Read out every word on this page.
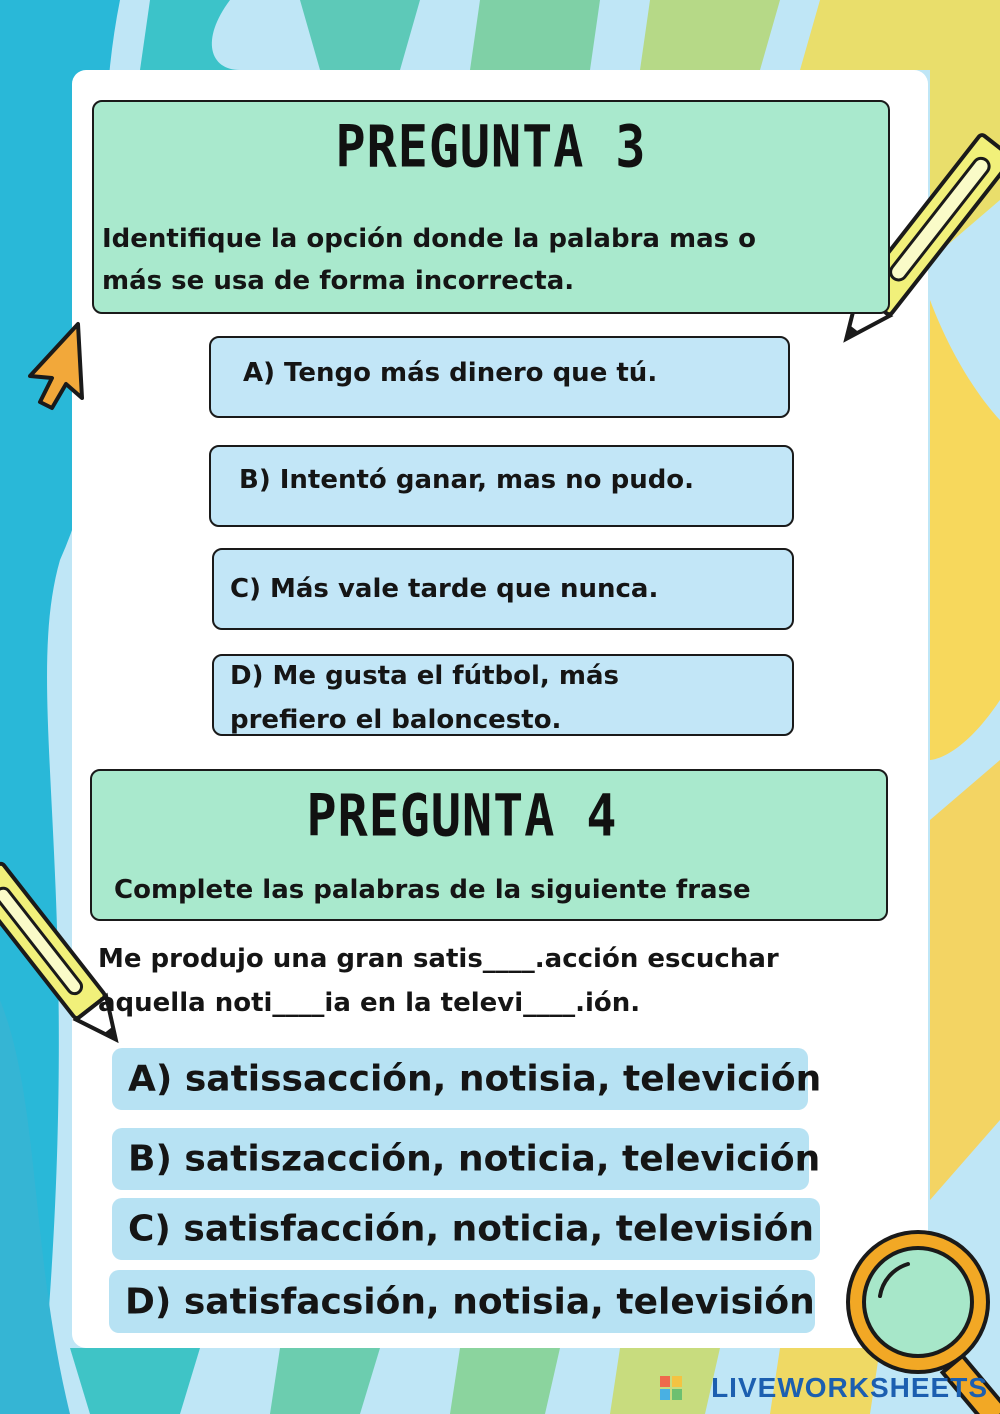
PREGUNTA 3
Identifique la opción donde la palabra mas o
más se usa de forma incorrecta.
A) Tengo más dinero que tú.
B) Intentó ganar, mas no pudo.
C) Más vale tarde que nunca.
D) Me gusta el fútbol, más
prefiero el baloncesto.
PREGUNTA 4
Complete las palabras de la siguiente frase
Me produjo una gran satis____.acción escuchar
aquella noti____ia en la televi____.ión.
A) satissacción, notisia, televición
B) satiszacción, noticia, televición
C) satisfacción, noticia, televisión
D) satisfacsión, notisia, televisión
LIVEWORKSHEETS
